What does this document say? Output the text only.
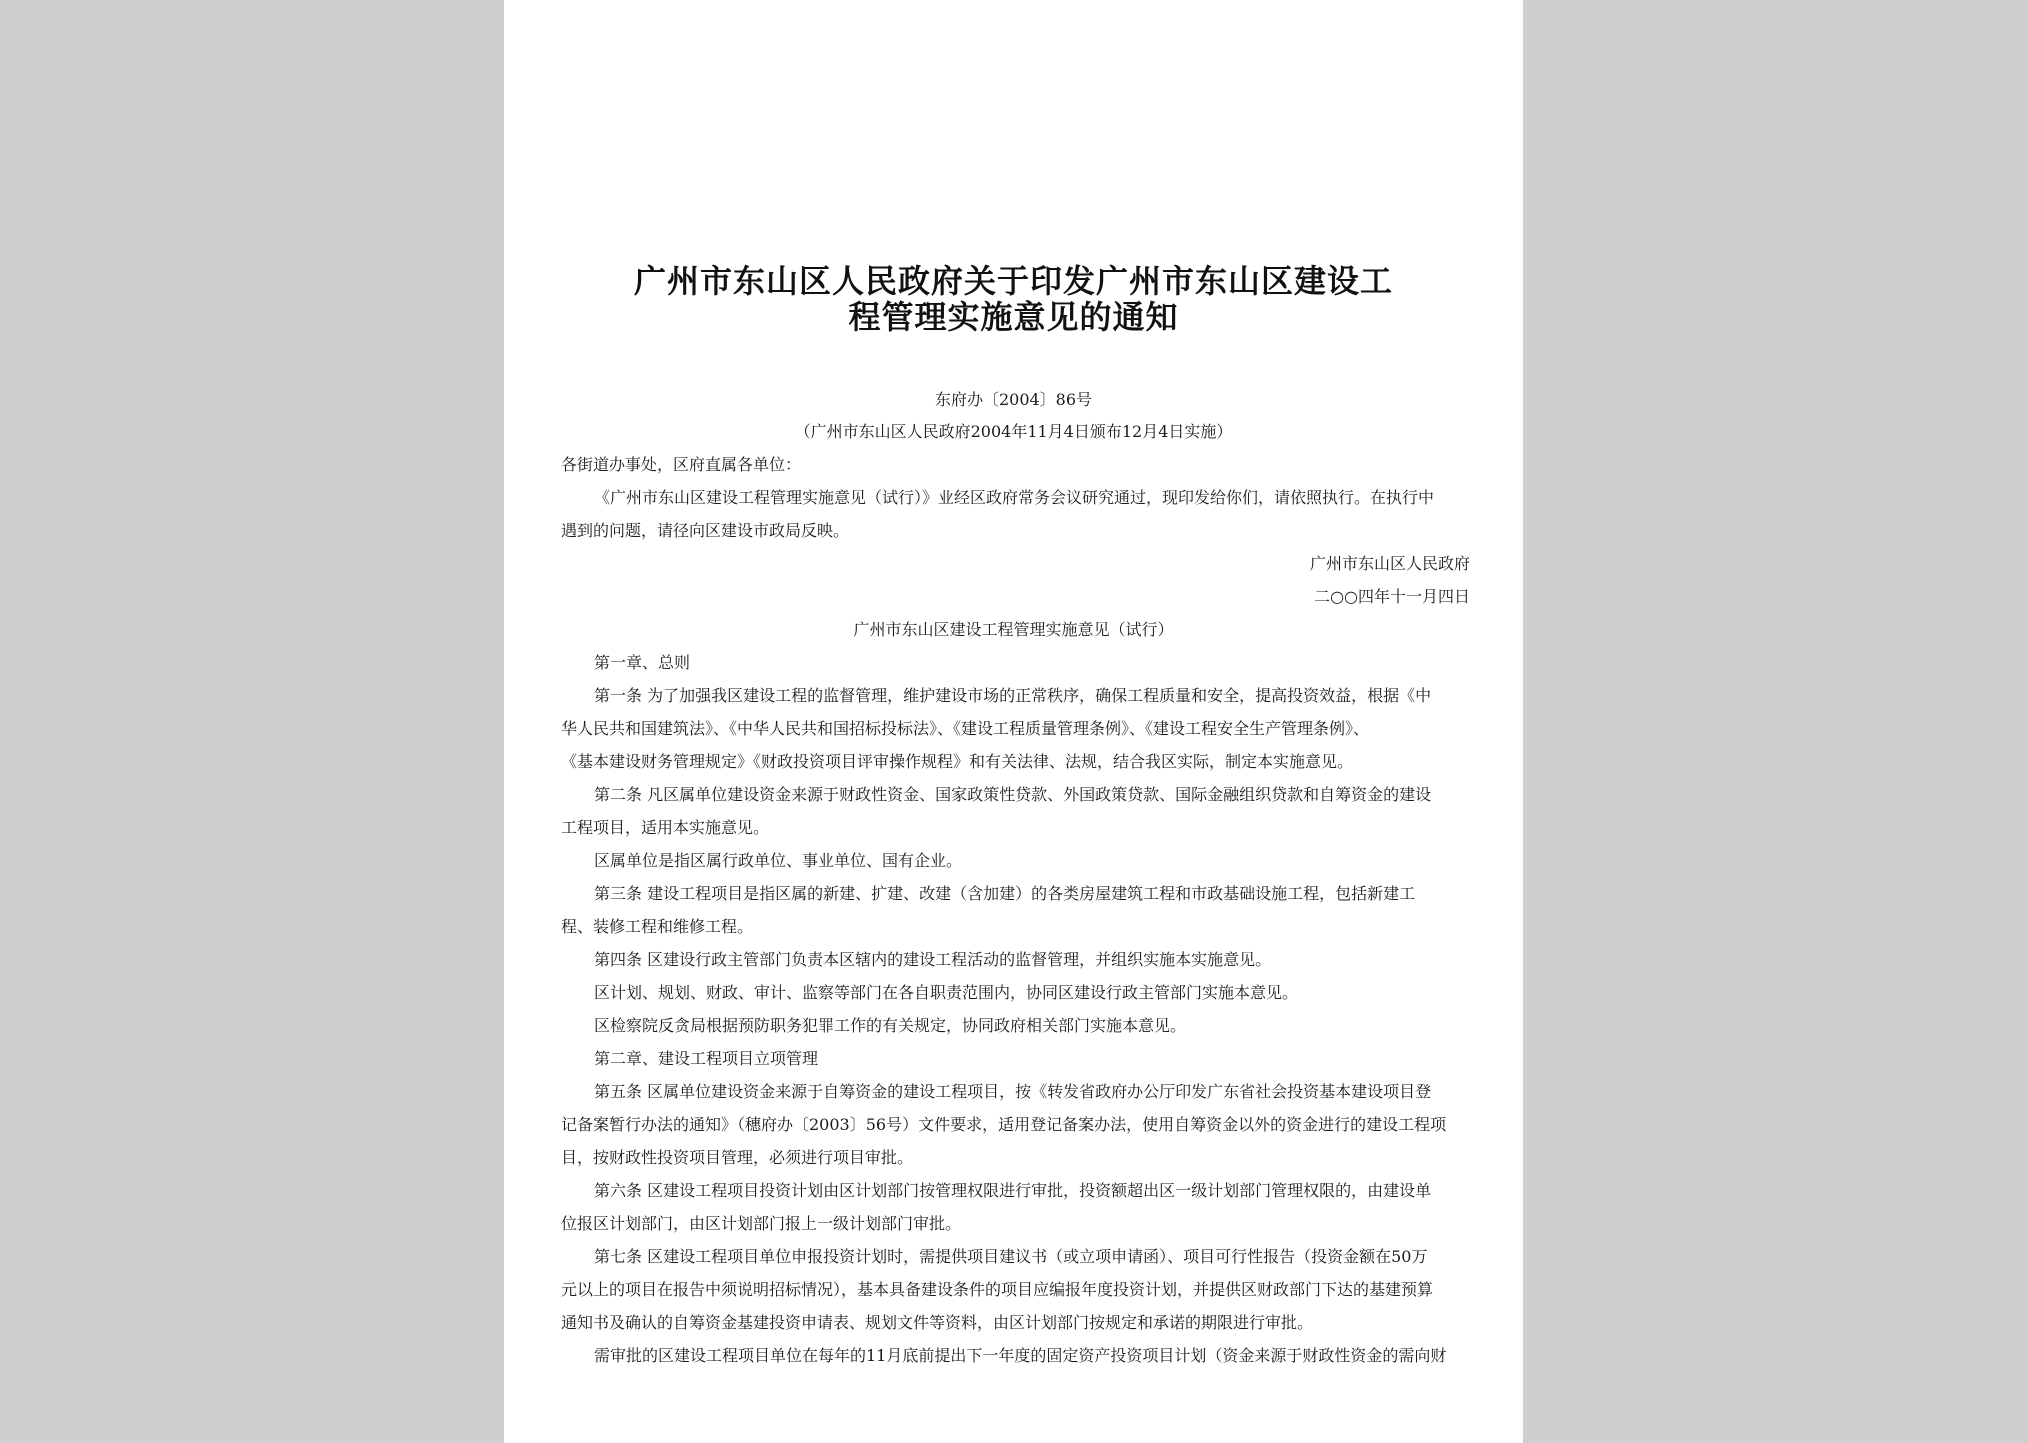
广州市东山区人民政府关于印发广州市东山区建设工
程管理实施意见的通知
东府办〔2004〕86号
（广州市东山区人民政府2004年11月4日颁布12月4日实施）
各街道办事处，区府直属各单位：
《广州市东山区建设工程管理实施意见（试行）》业经区政府常务会议研究通过，现印发给你们，请依照执行。在执行中
遇到的问题，请径向区建设市政局反映。
广州市东山区人民政府
二○○四年十一月四日
广州市东山区建设工程管理实施意见（试行）
第一章、总则
第一条 为了加强我区建设工程的监督管理，维护建设市场的正常秩序，确保工程质量和安全，提高投资效益，根据《中
华人民共和国建筑法》、《中华人民共和国招标投标法》、《建设工程质量管理条例》、《建设工程安全生产管理条例》、
《基本建设财务管理规定》《财政投资项目评审操作规程》和有关法律、法规，结合我区实际，制定本实施意见。
第二条 凡区属单位建设资金来源于财政性资金、国家政策性贷款、外国政策贷款、国际金融组织贷款和自筹资金的建设
工程项目，适用本实施意见。
区属单位是指区属行政单位、事业单位、国有企业。
第三条 建设工程项目是指区属的新建、扩建、改建（含加建）的各类房屋建筑工程和市政基础设施工程，包括新建工
程、装修工程和维修工程。
第四条 区建设行政主管部门负责本区辖内的建设工程活动的监督管理，并组织实施本实施意见。
区计划、规划、财政、审计、监察等部门在各自职责范围内，协同区建设行政主管部门实施本意见。
区检察院反贪局根据预防职务犯罪工作的有关规定，协同政府相关部门实施本意见。
第二章、建设工程项目立项管理
第五条 区属单位建设资金来源于自筹资金的建设工程项目，按《转发省政府办公厅印发广东省社会投资基本建设项目登
记备案暂行办法的通知》（穗府办〔2003〕56号）文件要求，适用登记备案办法，使用自筹资金以外的资金进行的建设工程项
目，按财政性投资项目管理，必须进行项目审批。
第六条 区建设工程项目投资计划由区计划部门按管理权限进行审批，投资额超出区一级计划部门管理权限的，由建设单
位报区计划部门，由区计划部门报上一级计划部门审批。
第七条 区建设工程项目单位申报投资计划时，需提供项目建议书（或立项申请函）、项目可行性报告（投资金额在50万
元以上的项目在报告中须说明招标情况），基本具备建设条件的项目应编报年度投资计划，并提供区财政部门下达的基建预算
通知书及确认的自筹资金基建投资申请表、规划文件等资料，由区计划部门按规定和承诺的期限进行审批。
需审批的区建设工程项目单位在每年的11月底前提出下一年度的固定资产投资项目计划（资金来源于财政性资金的需向财
